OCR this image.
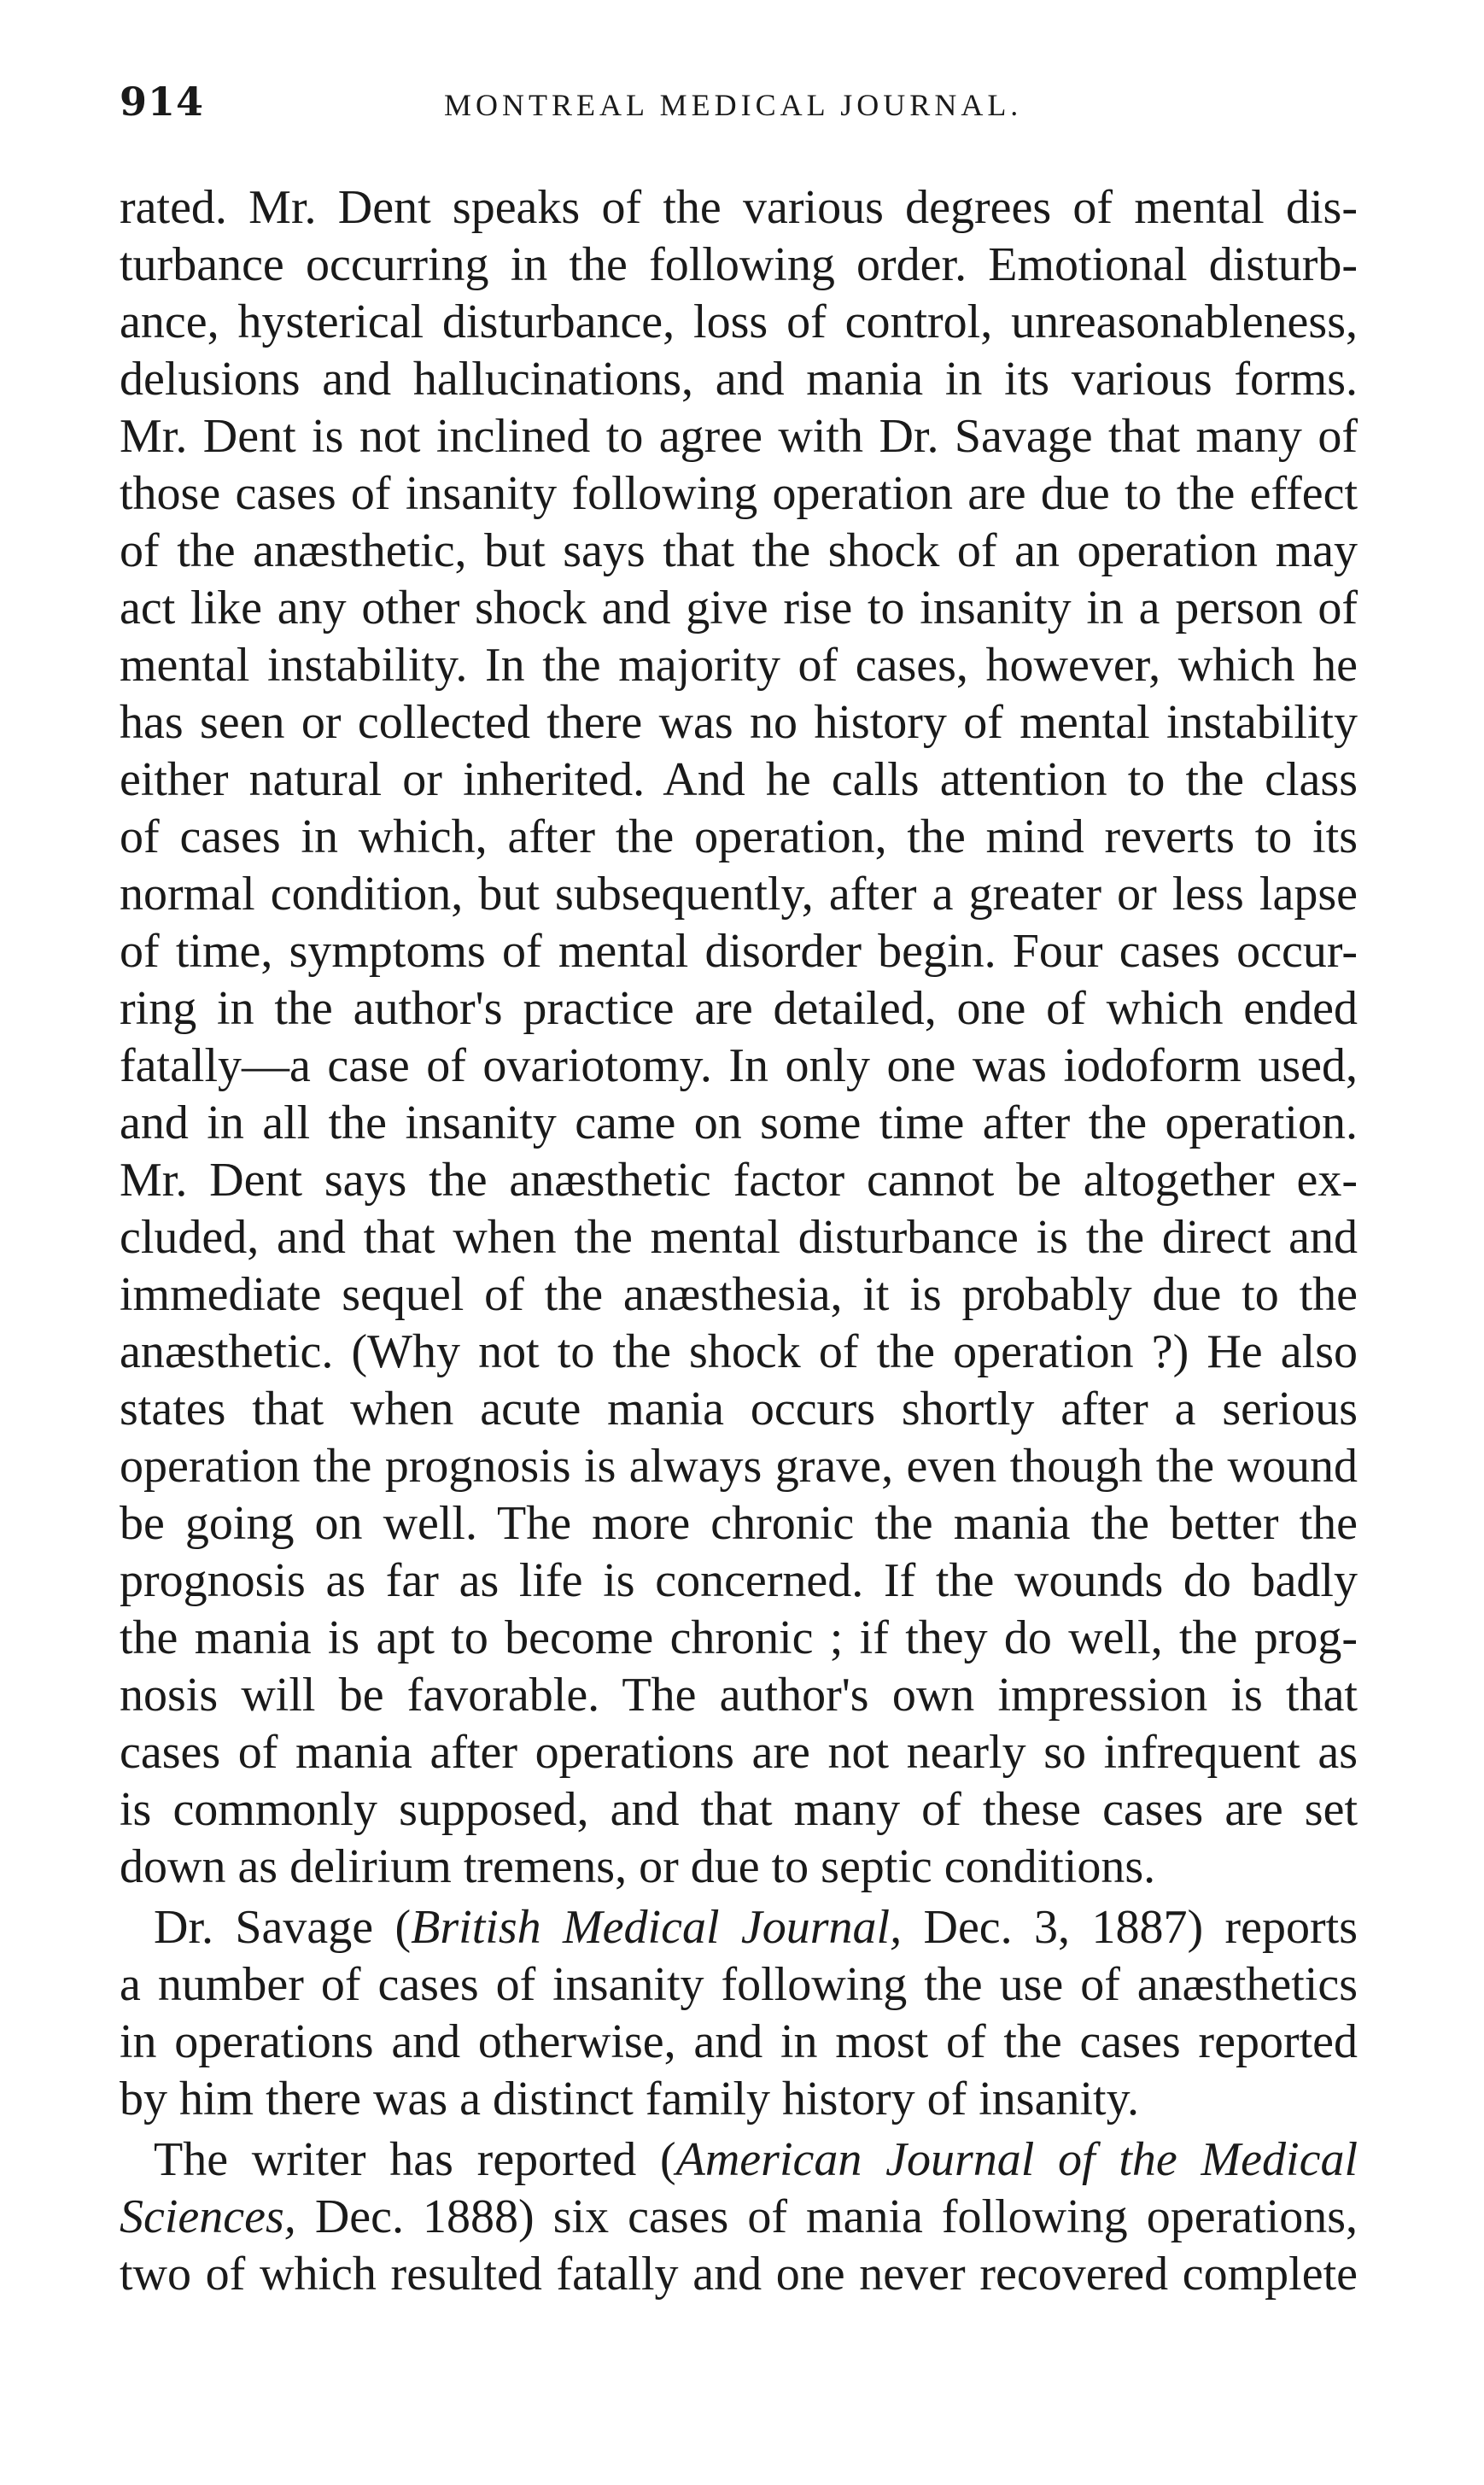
914	MONTREAL MEDICAL JOURNAL.
rated. Mr. Dent speaks of the various degrees of mental dis-
turbance occurring in the following order. Emotional disturb-
ance, hysterical disturbance, loss of control, unreasonableness,
delusions and hallucinations, and mania in its various forms.
Mr. Dent is not inclined to agree with Dr. Savage that many of
those cases of insanity following operation are due to the effect
of the anæsthetic, but says that the shock of an operation may
act like any other shock and give rise to insanity in a person of
mental instability. In the majority of cases, however, which he
has seen or collected there was no history of mental instability
either natural or inherited. And he calls attention to the class
of cases in which, after the operation, the mind reverts to its
normal condition, but subsequently, after a greater or less lapse
of time, symptoms of mental disorder begin. Four cases occur-
ring in the author's practice are detailed, one of which ended
fatally—a case of ovariotomy. In only one was iodoform used,
and in all the insanity came on some time after the operation.
Mr. Dent says the anæsthetic factor cannot be altogether ex-
cluded, and that when the mental disturbance is the direct and
immediate sequel of the anæsthesia, it is probably due to the
anæsthetic. (Why not to the shock of the operation ?) He also
states that when acute mania occurs shortly after a serious
operation the prognosis is always grave, even though the wound
be going on well. The more chronic the mania the better the
prognosis as far as life is concerned. If the wounds do badly
the mania is apt to become chronic ; if they do well, the prog-
nosis will be favorable. The author's own impression is that
cases of mania after operations are not nearly so infrequent as
is commonly supposed, and that many of these cases are set
down as delirium tremens, or due to septic conditions.
Dr. Savage (British Medical Journal, Dec. 3, 1887) reports
a number of cases of insanity following the use of anæsthetics
in operations and otherwise, and in most of the cases reported
by him there was a distinct family history of insanity.
The writer has reported (American Journal of the Medical
Sciences, Dec. 1888) six cases of mania following operations,
two of which resulted fatally and one never recovered complete
